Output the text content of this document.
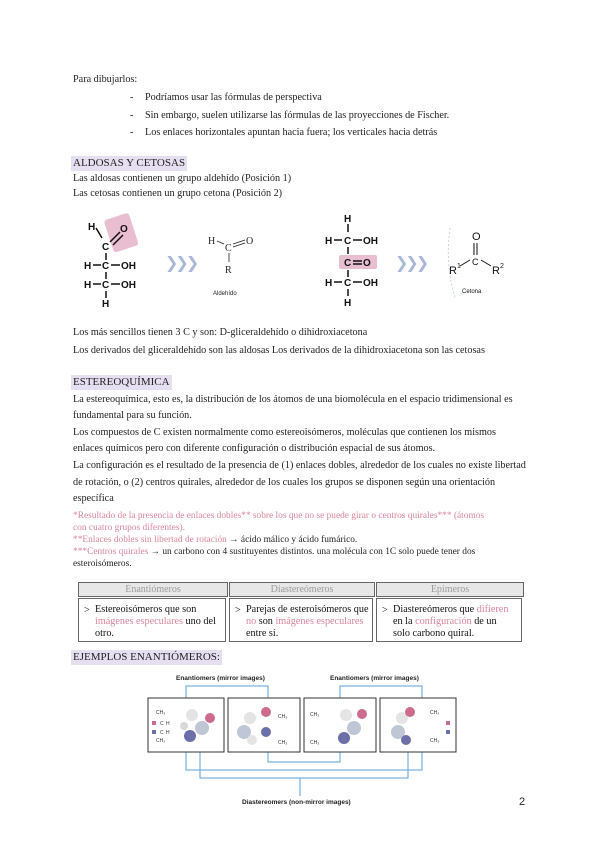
Para dibujarlos:
- Podríamos usar las fórmulas de perspectiva
- Sin embargo, suelen utilizarse las fórmulas de las proyecciones de Fischer.
- Los enlaces horizontales apuntan hacia fuera; los verticales hacia detrás
ALDOSAS Y CETOSAS
Las aldosas contienen un grupo aldehído (Posición 1)
Las cetosas contienen un grupo cetona (Posición 2)
H
C
O
H C OH
H C OH
H
❯❯❯
H
C
O
R
Aldehído
H
H C OH
C O
H C OH
H
❯❯❯
O
C
R 1	R 2
Cetona
Los más sencillos tienen 3 C y son: D-gliceraldehído o dihidroxiacetona
Los derivados del gliceraldehído son las aldosas Los derivados de la dihidroxiacetona son las cetosas
ESTEREOQUÍMICA
La estereoquímica, esto es, la distribución de los átomos de una biomolécula en el espacio tridimensional es
fundamental para su función.
Los compuestos de C existen normalmente como estereoisómeros, moléculas que contienen los mismos
enlaces químicos pero con diferente configuración o distribución espacial de sus átomos.
La configuración es el resultado de la presencia de (1) enlaces dobles, alrededor de los cuales no existe libertad
de rotación, o (2) centros quirales, alrededor de los cuales los grupos se disponen según una orientación
específica
*Resultado de la presencia de enlaces dobles** sobre los que no se puede girar o centros quirales*** (átomos
con cuatro grupos diferentes).
**Enlaces dobles sin libertad de rotación → ácido málico y ácido fumárico.
***Centros quirales → un carbono con 4 sustituyentes distintos. una molécula con 1C solo puede tener dos
esteroisómeros.
Enantiómeros	Diasterеómeros	Epímeros
> Estereoisómeros que son
imágenes especulares uno del
otro.
> Parejas de esteroisómeros que
no son imágenes especulares
entre sí.
> Diasterеómeros que difieren
en la configuración de un
solo carbono quiral.
EJEMPLOS ENANTIÓMEROS:
Enantiomers (mirror images)	Enantiomers (mirror images)
CH₃
CH₃
C H
C H
CH₃
CH₃
CH₃
CH₃
CH₃
CH₃
Diastereomers (non-mirror images)	2
